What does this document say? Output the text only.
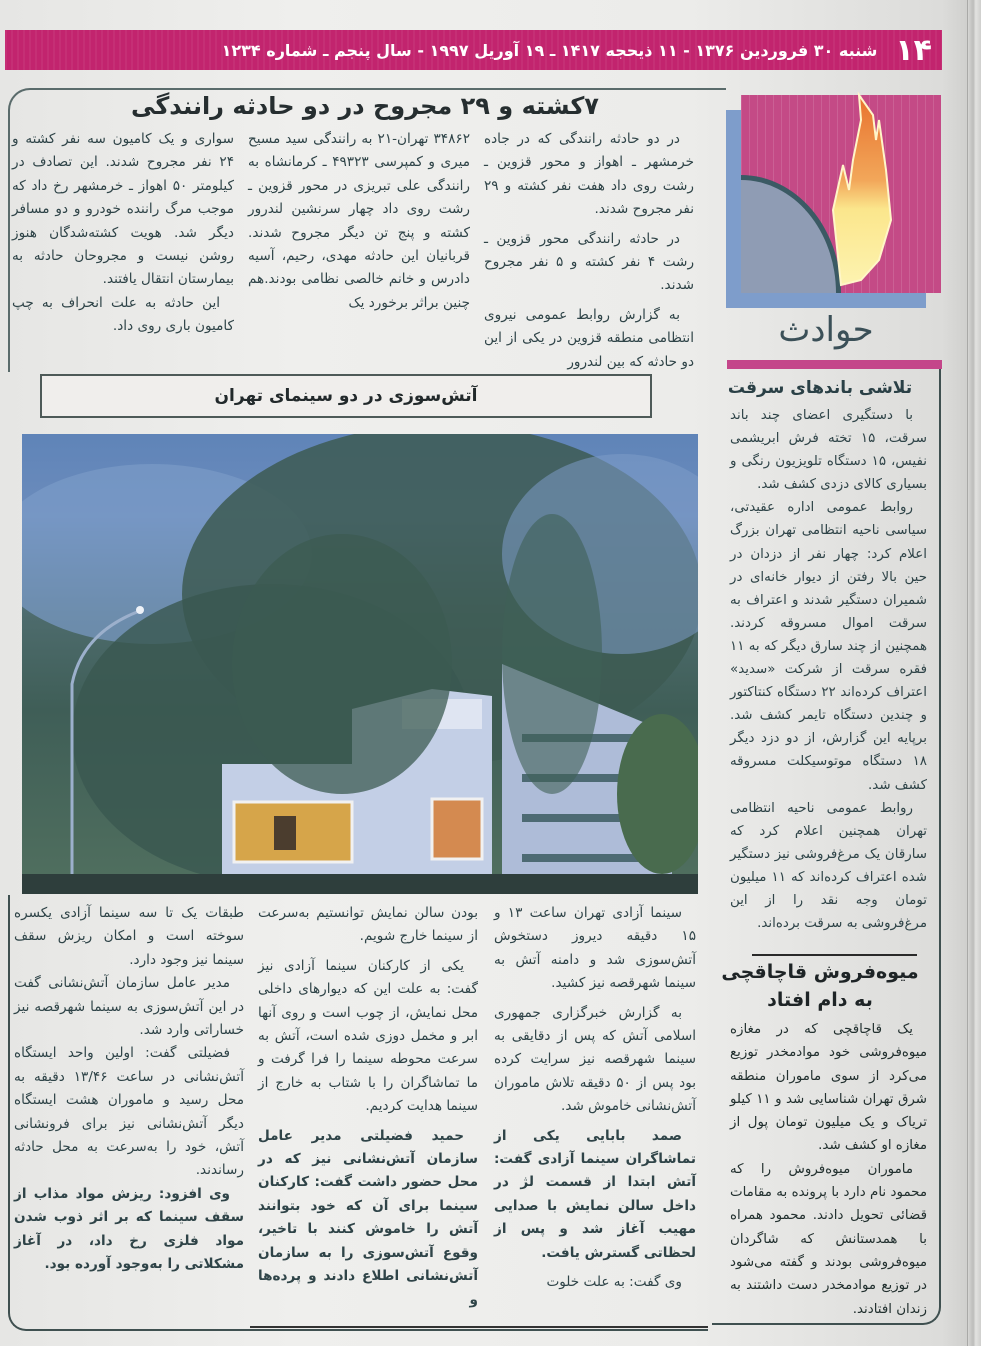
۱۴
شنبه ۳۰ فروردین ۱۳۷۶ - ۱۱ ذیحجه ۱۴۱۷ ـ ۱۹ آوریل ۱۹۹۷ - سال پنجم ـ شماره ۱۲۳۴
۷کشته و ۲۹ مجروح در دو حادثه رانندگی

در دو حادثه رانندگی که در جاده خرمشهر ـ اهواز و محور قزوین ـ رشت روی داد هفت نفر کشته و ۲۹ نفر مجروح شدند.

در حادثه رانندگی محور قزوین ـ رشت ۴ نفر کشته و ۵ نفر مجروح شدند.

به گزارش روابط عمومی نیروی انتظامی منطقه قزوین در یکی از این دو حادثه که بین لندرور

۳۴۸۶۲ تهران-۲۱ به رانندگی سید مسیح میری و کمپرسی ۴۹۳۲۳ ـ کرمانشاه به رانندگی علی تبریزی در محور قزوین ـ رشت روی داد چهار سرنشین لندرور کشته و پنج تن دیگر مجروح شدند. قربانیان این حادثه مهدی، رحیم، آسیه دادرس و خانم خالصی نظامی بودند.هم چنین براثر برخورد یک

سواری و یک کامیون سه نفر کشته و ۲۴ نفر مجروح شدند. این تصادف در کیلومتر ۵۰ اهواز ـ خرمشهر رخ داد که موجب مرگ راننده خودرو و دو مسافر دیگر شد. هویت کشته‌شدگان هنوز روشن نیست و مجروحان حادثه به بیمارستان انتقال یافتند.

این حادثه به علت انحراف به چپ کامیون باری روی داد.	حوادث
تلاشی باندهای سرقت

با دستگیری اعضای چند باند سرقت، ۱۵ تخته فرش ابریشمی نفیس، ۱۵ دستگاه تلویزیون رنگی و بسیاری کالای دزدی کشف شد.

روابط عمومی اداره عقیدتی، سیاسی ناحیه انتظامی تهران بزرگ اعلام کرد: چهار نفر از دزدان در حین بالا رفتن از دیوار خانه‌ای در شمیران دستگیر شدند و اعتراف به سرقت اموال مسروقه کردند. همچنین از چند سارق دیگر که به ۱۱ فقره سرقت از شرکت «سدید» اعتراف کرده‌اند ۲۲ دستگاه کنتاکتور و چندین دستگاه تایمر کشف شد. برپایه این گزارش، از دو دزد دیگر ۱۸ دستگاه موتوسیکلت مسروقه کشف شد.

روابط عمومی ناحیه انتظامی تهران همچنین اعلام کرد که سارقان یک مرغ‌فروشی نیز دستگیر شده اعتراف کرده‌اند که ۱۱ میلیون تومان وجه نقد را از این مرغ‌فروشی به سرقت برده‌اند.

میوه‌فروش قاچاقچی
به دام افتاد

یک قاچاقچی که در مغازه میوه‌فروشی خود موادمخدر توزیع می‌کرد از سوی ماموران منطقه شرق تهران شناسایی شد و ۱۱ کیلو تریاک و یک میلیون تومان پول از مغازه او کشف شد.

ماموران میوه‌فروش را که محمود نام دارد با پرونده به مقامات قضائی تحویل دادند. محمود همراه با همدستانش که شاگردان میوه‌فروشی بودند و گفته می‌شود در توزیع موادمخدر دست داشتند به زندان افتادند.

آتش‌سوزی در دو سینمای تهران

سینما آزادی تهران ساعت ۱۳ و ۱۵ دقیقه دیروز دستخوش آتش‌سوزی شد و دامنه آتش به سینما شهرقصه نیز کشید.

به گزارش خبرگزاری جمهوری اسلامی آتش که پس از دقایقی به سینما شهرقصه نیز سرایت کرده بود پس از ۵۰ دقیقه تلاش ماموران آتش‌نشانی خاموش شد.

صمد بابایی یکی از تماشاگران سینما آزادی گفت: آتش ابتدا از قسمت لژ در داخل سالن نمایش با صدایی مهیب آغاز شد و پس از لحظاتی گسترش یافت.

وی گفت: به علت خلوت

بودن سالن نمایش توانستیم به‌سرعت از سینما خارج شویم.

یکی از کارکنان سینما آزادی نیز گفت: به علت این که دیوارهای داخلی محل نمایش، از چوب است و روی آنها ابر و مخمل دوزی شده است، آتش به سرعت محوطه سینما را فرا گرفت و ما تماشاگران را با شتاب به خارج از سینما هدایت کردیم.

حمید فضیلتی مدیر عامل سازمان آتش‌نشانی نیز که در محل حضور داشت گفت: کارکنان سینما برای آن که خود بتوانند آتش را خاموش کنند با تاخیر، وقوع آتش‌سوزی را به سازمان آتش‌نشانی اطلاع دادند و پرده‌ها و

طبقات یک تا سه سینما آزادی یکسره سوخته است و امکان ریزش سقف سینما نیز وجود دارد.

مدیر عامل سازمان آتش‌نشانی گفت در این آتش‌سوزی به سینما شهرقصه نیز خساراتی وارد شد.

فضیلتی گفت: اولین واحد ایستگاه آتش‌نشانی در ساعت ۱۳/۴۶ دقیقه به محل رسید و ماموران هشت ایستگاه دیگر آتش‌نشانی نیز برای فرونشانی آتش، خود را به‌سرعت به محل حادثه رساندند.

وی افزود: ریزش مواد مذاب از سقف سینما که بر اثر ذوب شدن مواد فلزی رخ داد، در آغاز مشکلاتی را به‌وجود آورده بود.
